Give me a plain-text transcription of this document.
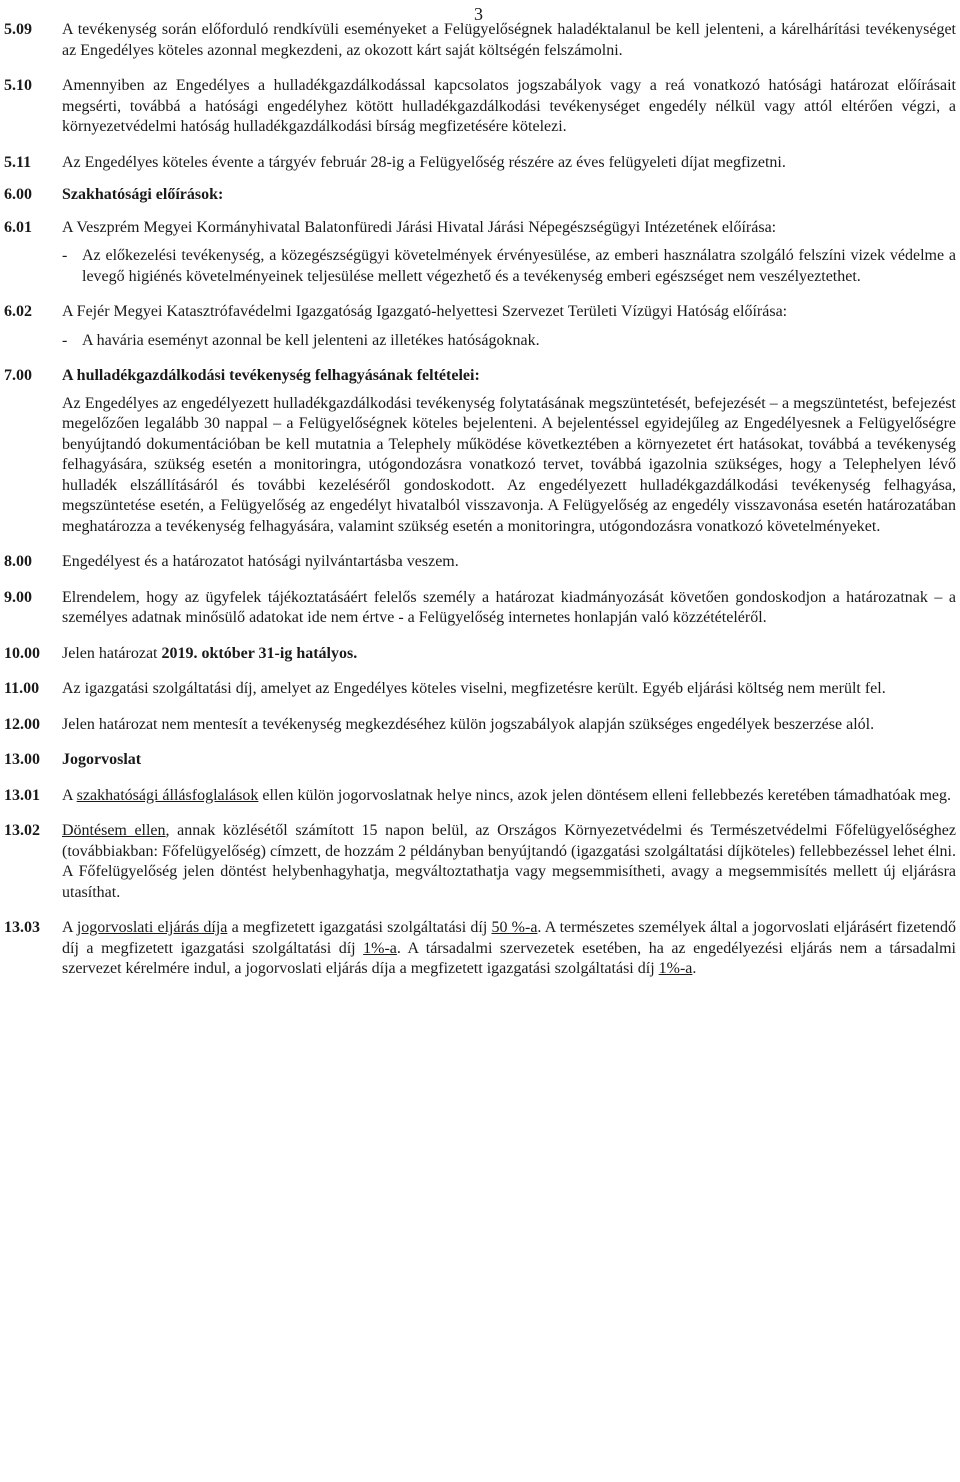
3
5.09	A tevékenység során előforduló rendkívüli eseményeket a Felügyelőségnek haladéktalanul be kell jelenteni, a kárelhárítási tevékenységet az Engedélyes köteles azonnal megkezdeni, az okozott kárt saját költségén felszámolni.
5.10	Amennyiben az Engedélyes a hulladékgazdálkodással kapcsolatos jogszabályok vagy a reá vonatkozó hatósági határozat előírásait megsérti, továbbá a hatósági engedélyhez kötött hulladékgazdálkodási tevékenységet engedély nélkül vagy attól eltérően végzi, a környezetvédelmi hatóság hulladékgazdálkodási bírság megfizetésére kötelezi.
5.11	Az Engedélyes köteles évente a tárgyév február 28-ig a Felügyelőség részére az éves felügyeleti díjat megfizetni.
6.00	Szakhatósági előírások:
6.01	A Veszprém Megyei Kormányhivatal Balatonfüredi Járási Hivatal Járási Népegészségügyi Intézetének előírása:

- Az előkezelési tevékenység, a közegészségügyi követelmények érvényesülése, az emberi használatra szolgáló felszíni vizek védelme a levegő higiénés követelményeinek teljesülése mellett végezhető és a tevékenység emberi egészséget nem veszélyeztethet.
6.02	A Fejér Megyei Katasztrófavédelmi Igazgatóság Igazgató-helyettesi Szervezet Területi Vízügyi Hatóság előírása:

- A havária eseményt azonnal be kell jelenteni az illetékes hatóságoknak.
7.00	A hulladékgazdálkodási tevékenység felhagyásának feltételei:

Az Engedélyes az engedélyezett hulladékgazdálkodási tevékenység folytatásának megszüntetését, befejezését – a megszüntetést, befejezést megelőzően legalább 30 nappal – a Felügyelőségnek köteles bejelenteni. A bejelentéssel egyidejűleg az Engedélyesnek a Felügyelőségre benyújtandó dokumentációban be kell mutatnia a Telephely működése következtében a környezetet ért hatásokat, továbbá a tevékenység felhagyására, szükség esetén a monitoringra, utógondozásra vonatkozó tervet, továbbá igazolnia szükséges, hogy a Telephelyen lévő hulladék elszállításáról és további kezeléséről gondoskodott. Az engedélyezett hulladékgazdálkodási tevékenység felhagyása, megszüntetése esetén, a Felügyelőség az engedélyt hivatalból visszavonja. A Felügyelőség az engedély visszavonása esetén határozatában meghatározza a tevékenység felhagyására, valamint szükség esetén a monitoringra, utógondozásra vonatkozó követelményeket.

8.00	Engedélyest és a határozatot hatósági nyilvántartásba veszem.
9.00	Elrendelem, hogy az ügyfelek tájékoztatásáért felelős személy a határozat kiadmányozását követően gondoskodjon a határozatnak – a személyes adatnak minősülő adatokat ide nem értve - a Felügyelőség internetes honlapján való közzétételéről.
10.00	Jelen határozat 2019. október 31-ig hatályos.
11.00	Az igazgatási szolgáltatási díj, amelyet az Engedélyes köteles viselni, megfizetésre került. Egyéb eljárási költség nem merült fel.
12.00	Jelen határozat nem mentesít a tevékenység megkezdéséhez külön jogszabályok alapján szükséges engedélyek beszerzése alól.
13.00	Jogorvoslat
13.01	A szakhatósági állásfoglalások ellen külön jogorvoslatnak helye nincs, azok jelen döntésem elleni fellebbezés keretében támadhatóak meg.
13.02	Döntésem ellen, annak közlésétől számított 15 napon belül, az Országos Környezetvédelmi és Természetvédelmi Főfelügyelőséghez (továbbiakban: Főfelügyelőség) címzett, de hozzám 2 példányban benyújtandó (igazgatási szolgáltatási díjköteles) fellebbezéssel lehet élni. A Főfelügyelőség jelen döntést helybenhagyhatja, megváltoztathatja vagy megsemmisítheti, avagy a megsemmisítés mellett új eljárásra utasíthat.
13.03	A jogorvoslati eljárás díja a megfizetett igazgatási szolgáltatási díj 50 %-a. A természetes személyek által a jogorvoslati eljárásért fizetendő díj a megfizetett igazgatási szolgáltatási díj 1%-a. A társadalmi szervezetek esetében, ha az engedélyezési eljárás nem a társadalmi szervezet kérelmére indul, a jogorvoslati eljárás díja a megfizetett igazgatási szolgáltatási díj 1%-a.
